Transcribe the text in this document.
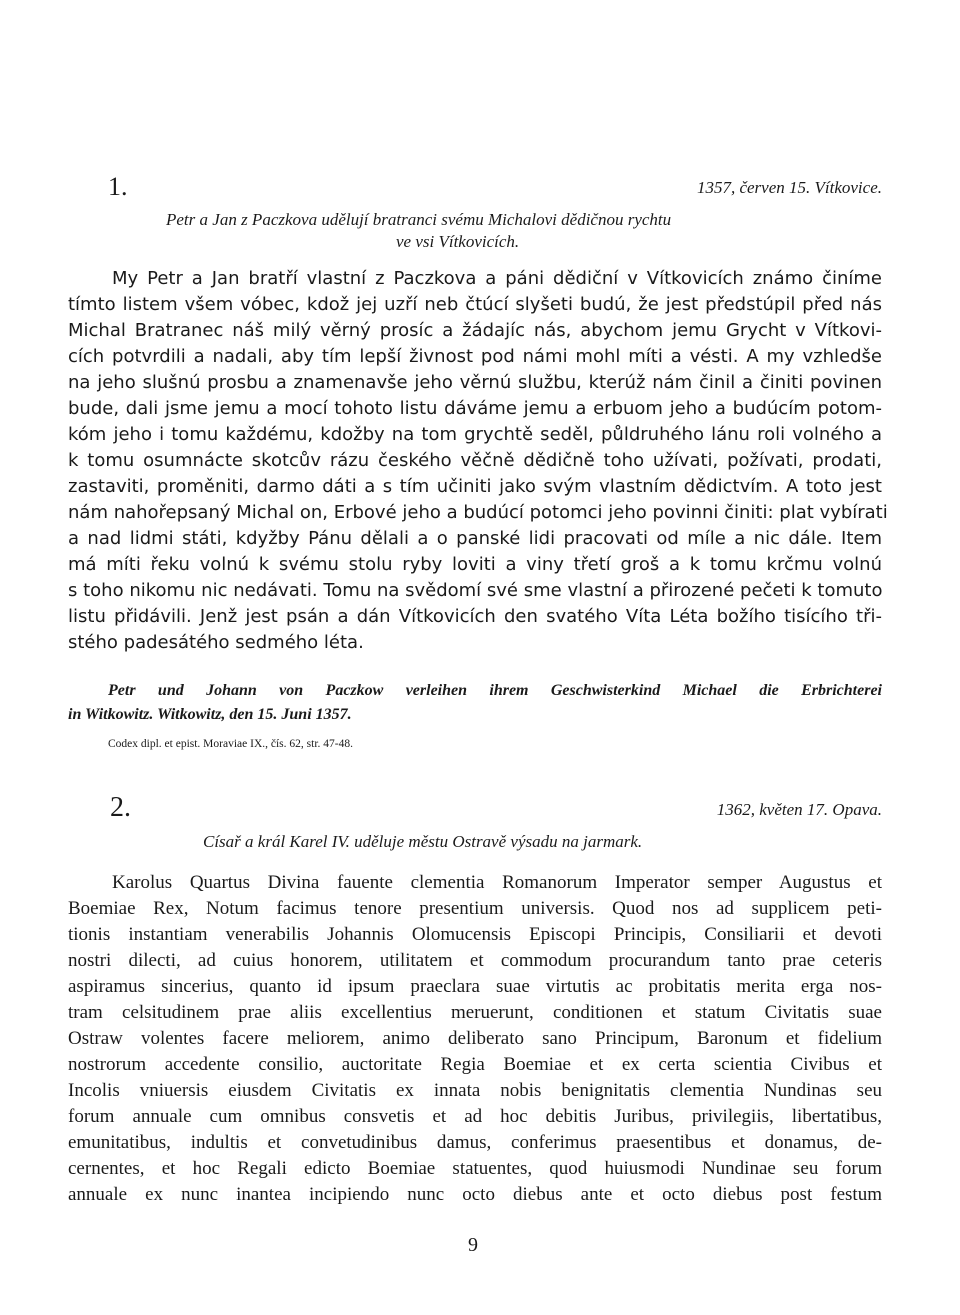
1.	1357, červen 15. Vítkovice.
Petr a Jan z Paczkova udělují bratranci svému Michalovi dědičnou rychtu
ve vsi Vítkovicích.
My Petr a Jan bratří vlastní z Paczkova a páni dědiční v Vítkovicích známo činíme
tímto listem všem vóbec, kdož jej uzří neb čtúcí slyšeti budú, že jest předstúpil před nás
Michal Bratranec náš milý věrný prosíc a žádajíc nás, abychom jemu Grycht v Vítkovi-
cích potvrdili a nadali, aby tím lepší živnost pod námi mohl míti a vésti. A my vzhledše
na jeho slušnú prosbu a znamenavše jeho věrnú službu, kterúž nám činil a činiti povinen
bude, dali jsme jemu a mocí tohoto listu dáváme jemu a erbuom jeho a budúcím potom-
kóm jeho i tomu každému, kdožby na tom grychtě seděl, půldruhého lánu roli volného a
k tomu osumnácte skotcův rázu českého věčně dědičně toho užívati, požívati, prodati,
zastaviti, proměniti, darmo dáti a s tím učiniti jako svým vlastním dědictvím. A toto jest
nám nahořepsaný Michal on, Erbové jeho a budúcí potomci jeho povinni činiti: plat vybírati
a nad lidmi státi, kdyžby Pánu dělali a o panské lidi pracovati od míle a nic dále. Item
má míti řeku volnú k svému stolu ryby loviti a viny třetí groš a k tomu krčmu volnú
s toho nikomu nic nedávati. Tomu na svědomí své sme vlastní a přirozené pečeti k tomuto
listu přidávili. Jenž jest psán a dán Vítkovicích den svatého Víta Léta božího tisícího tři-
stého padesátého sedmého léta.
Petr und Johann von Paczkow verleihen ihrem Geschwisterkind Michael die Erbrichterei
in Witkowitz. Witkowitz, den 15. Juni 1357.
Codex dipl. et epist. Moraviae IX., čís. 62, str. 47-48.
2.	1362, květen 17. Opava.
Císař a král Karel IV. uděluje městu Ostravě výsadu na jarmark.
Karolus Quartus Divina fauente clementia Romanorum Imperator semper Augustus et
Boemiae Rex, Notum facimus tenore presentium universis. Quod nos ad supplicem peti-
tionis instantiam venerabilis Johannis Olomucensis Episcopi Principis, Consiliarii et devoti
nostri dilecti, ad cuius honorem, utilitatem et commodum procurandum tanto prae ceteris
aspiramus sincerius, quanto id ipsum praeclara suae virtutis ac probitatis merita erga nos-
tram celsitudinem prae aliis excellentius meruerunt, conditionen et statum Civitatis suae
Ostraw volentes facere meliorem, animo deliberato sano Principum, Baronum et fidelium
nostrorum accedente consilio, auctoritate Regia Boemiae et ex certa scientia Civibus et
Incolis vniuersis eiusdem Civitatis ex innata nobis benignitatis clementia Nundinas seu
forum annuale cum omnibus consvetis et ad hoc debitis Juribus, privilegiis, libertatibus,
emunitatibus, indultis et convetudinibus damus, conferimus praesentibus et donamus, de-
cernentes, et hoc Regali edicto Boemiae statuentes, quod huiusmodi Nundinae seu forum
annuale ex nunc inantea incipiendo nunc octo diebus ante et octo diebus post festum
9
